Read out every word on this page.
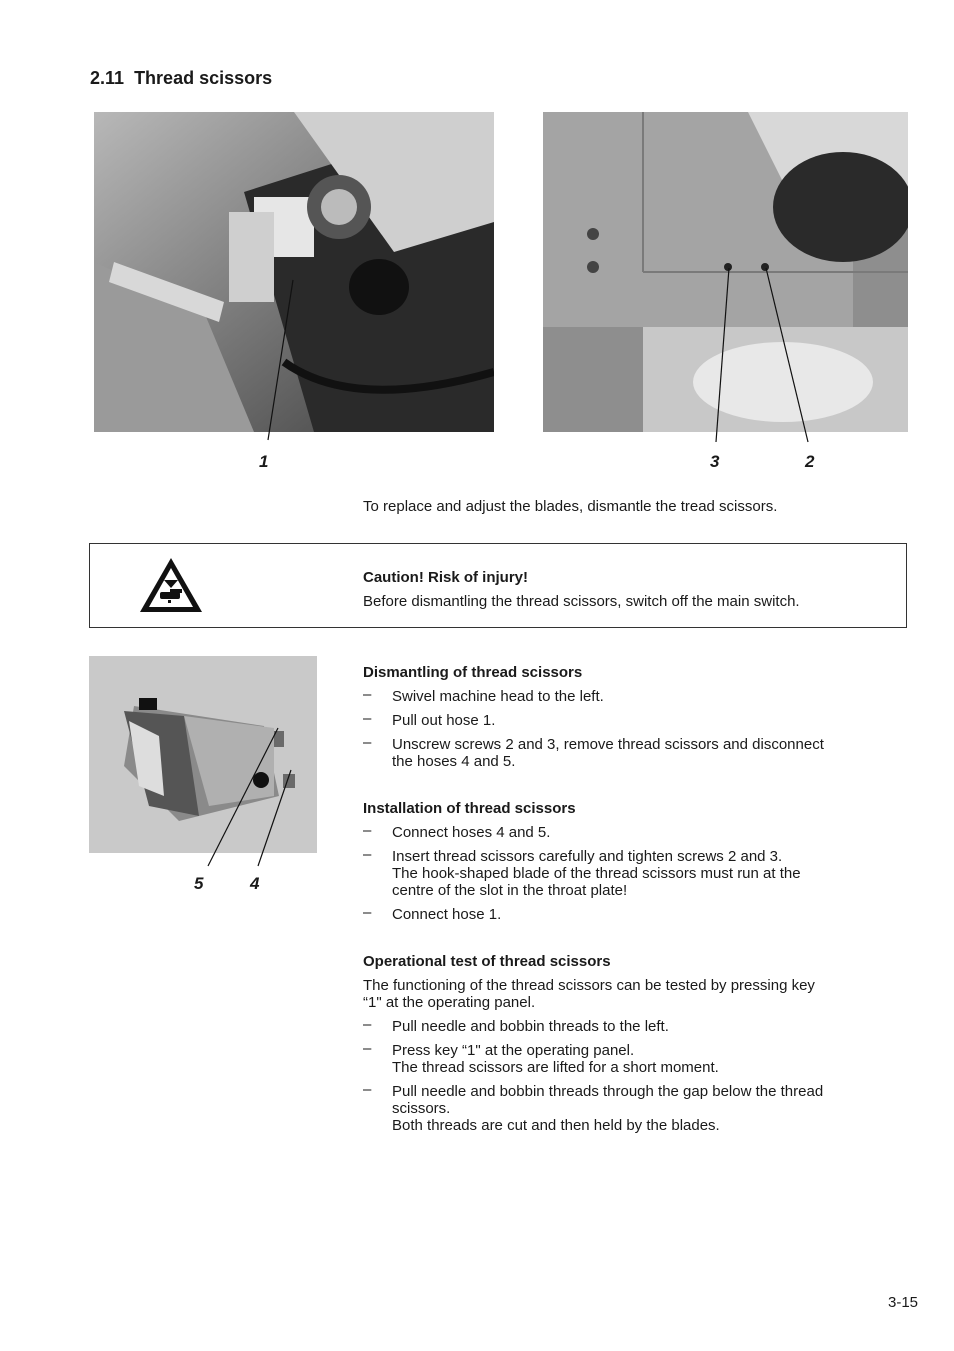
2.11 Thread scissors
1	3	2
To replace and adjust the blades, dismantle the tread scissors.
Caution! Risk of injury!
Before dismantling the thread scissors, switch off the main switch.
5	4
Dismantling of thread scissors
– Swivel machine head to the left.
– Pull out hose 1.
– Unscrew screws 2 and 3, remove thread scissors and disconnect
the hoses 4 and 5.
Installation of thread scissors
– Connect hoses 4 and 5.
– Insert thread scissors carefully and tighten screws 2 and 3.
The hook-shaped blade of the thread scissors must run at the
centre of the slot in the throat plate!
– Connect hose 1.
Operational test of thread scissors
The functioning of the thread scissors can be tested by pressing key
“1" at the operating panel.
– Pull needle and bobbin threads to the left.
– Press key “1" at the operating panel.
The thread scissors are lifted for a short moment.
– Pull needle and bobbin threads through the gap below the thread
scissors.
Both threads are cut and then held by the blades.
3-15
